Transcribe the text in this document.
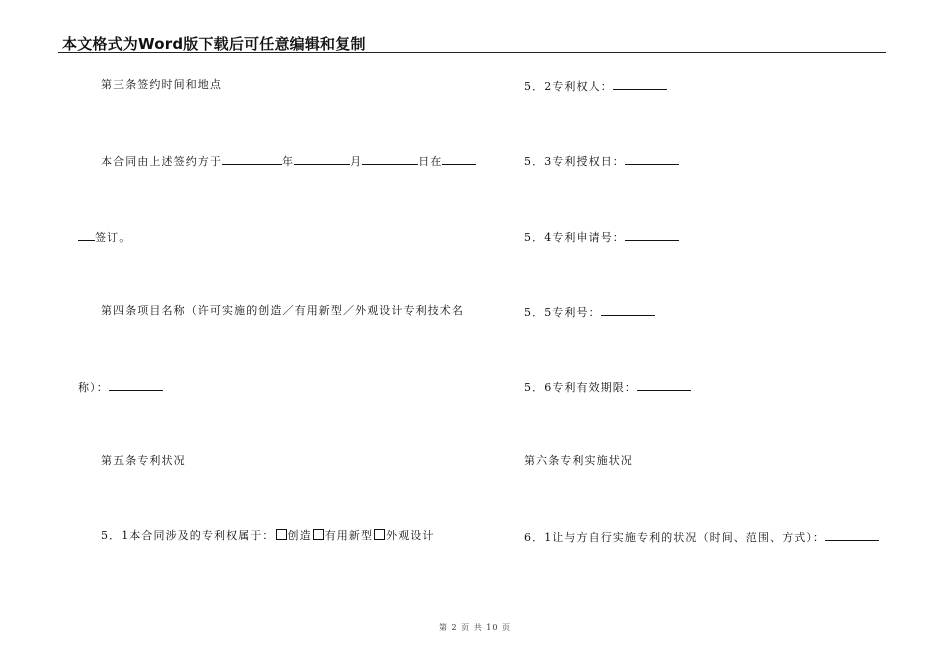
本文格式为Word版下载后可任意编辑和复制
第三条签约时间和地点
本合同由上述签约方于	年	月	日在
签订。
第四条项目名称（许可实施的创造／有用新型／外观设计专利技术名
称）：
第五条专利状况
5．1本合同涉及的专利权属于： 创造 有用新型 外观设计
5．2专利权人：
5．3专利授权日：
5．4专利申请号：
5．5专利号：
5．6专利有效期限：
第六条专利实施状况
6．1让与方自行实施专利的状况（时间、范围、方式）：
第 2 页 共 10 页
